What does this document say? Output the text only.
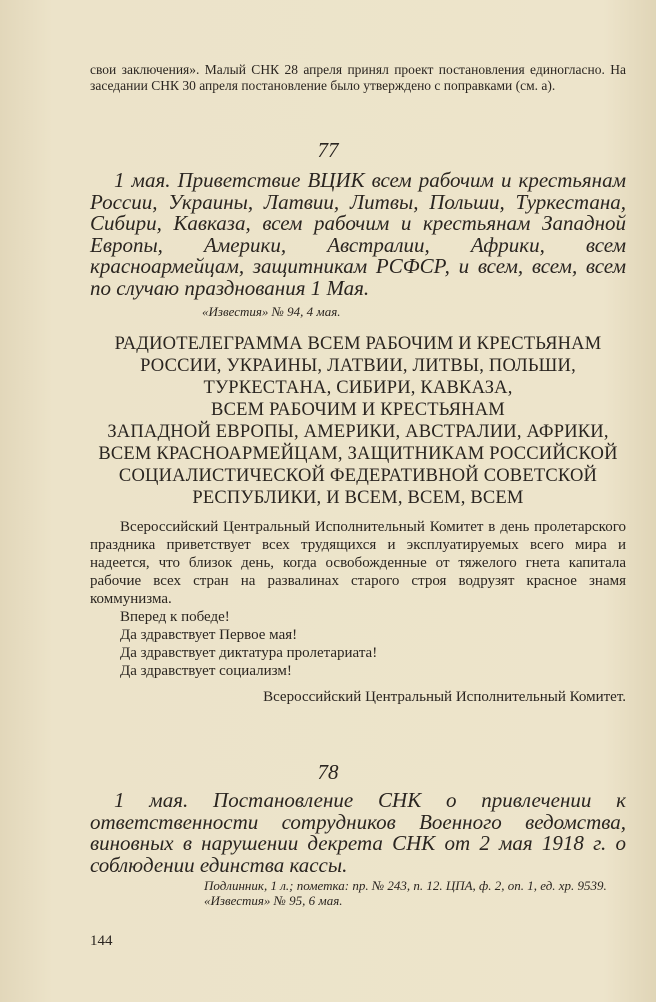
свои заключения». Малый СНК 28 апреля принял проект постановления единогласно. На заседании СНК 30 апреля постановление было утверждено с поправками (см. а).

77

1 мая. Приветствие ВЦИК всем рабочим и крестьянам России, Украины, Латвии, Литвы, Польши, Туркестана, Сибири, Кавказа, всем рабочим и крестьянам Западной Европы, Америки, Австралии, Африки, всем красноармейцам, защитникам РСФСР, и всем, всем, всем по случаю празднования 1 Мая.

«Известия» № 94, 4 мая.

РАДИОТЕЛЕГРАММА ВСЕМ РАБОЧИМ И КРЕСТЬЯНАМ
РОССИИ, УКРАИНЫ, ЛАТВИИ, ЛИТВЫ, ПОЛЬШИ,
ТУРКЕСТАНА, СИБИРИ, КАВКАЗА,
ВСЕМ РАБОЧИМ И КРЕСТЬЯНАМ
ЗАПАДНОЙ ЕВРОПЫ, АМЕРИКИ, АВСТРАЛИИ, АФРИКИ,
ВСЕМ КРАСНОАРМЕЙЦАМ, ЗАЩИТНИКАМ РОССИЙСКОЙ
СОЦИАЛИСТИЧЕСКОЙ ФЕДЕРАТИВНОЙ СОВЕТСКОЙ
РЕСПУБЛИКИ, И ВСЕМ, ВСЕМ, ВСЕМ

Всероссийский Центральный Исполнительный Комитет в день пролетарского праздника приветствует всех трудящихся и эксплуатируемых всего мира и надеется, что близок день, когда освобожденные от тяжелого гнета капитала рабочие всех стран на развалинах старого строя водрузят красное знамя коммунизма.

Вперед к победе!

Да здравствует Первое мая!

Да здравствует диктатура пролетариата!

Да здравствует социализм!

Всероссийский Центральный Исполнительный Комитет.

78

1 мая. Постановление СНК о привлечении к ответственности сотрудников Военного ведомства, виновных в нарушении декрета СНК от 2 мая 1918 г. о соблюдении единства кассы.

Подлинник, 1 л.; пометка: пр. № 243, п. 12. ЦПА, ф. 2, оп. 1, ед. хр. 9539.

«Известия» № 95, 6 мая.

144
